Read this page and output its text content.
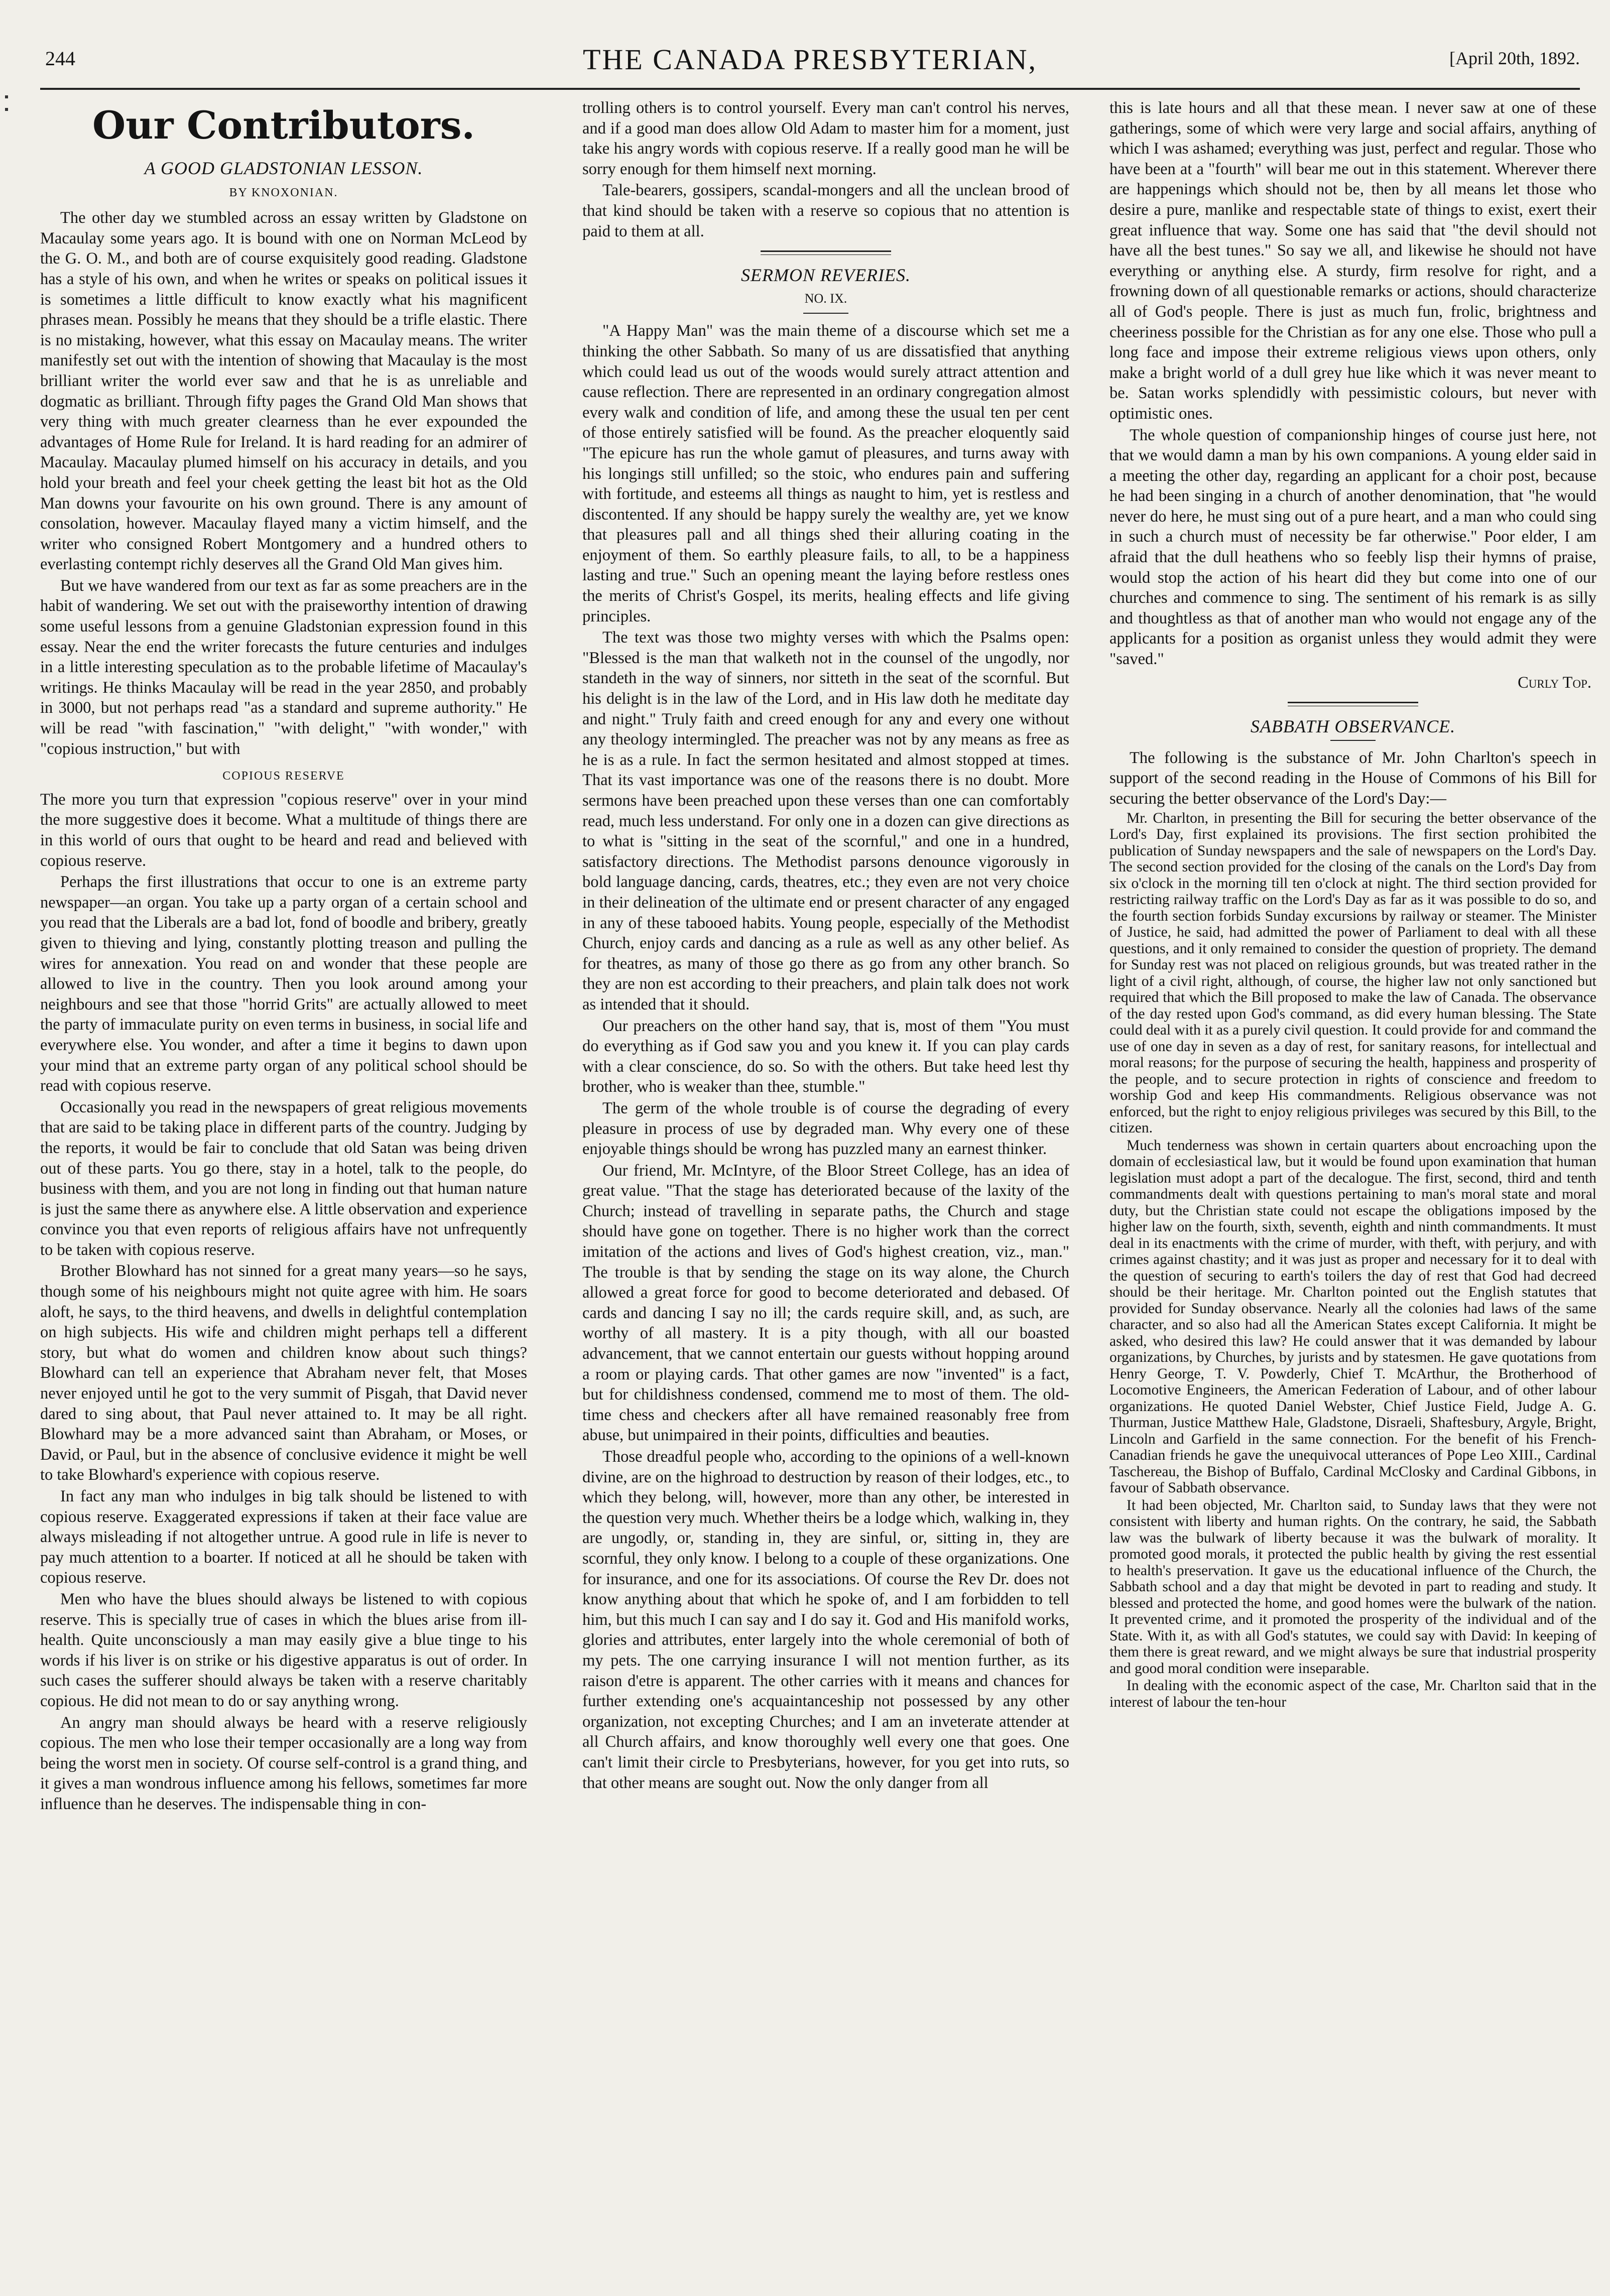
244	THE CANADA PRESBYTERIAN,	[April 20th, 1892.
Our Contributors.
A GOOD GLADSTONIAN LESSON.
BY KNOXONIAN.

The other day we stumbled across an essay written by Gladstone on Macaulay some years ago. It is bound with one on Norman McLeod by the G. O. M., and both are of course exquisitely good reading. Gladstone has a style of his own, and when he writes or speaks on political issues it is sometimes a little difficult to know exactly what his magnificent phrases mean. Possibly he means that they should be a trifle elastic. There is no mistaking, however, what this essay on Macaulay means. The writer manifestly set out with the intention of showing that Macaulay is the most brilliant writer the world ever saw and that he is as unreliable and dogmatic as brilliant. Through fifty pages the Grand Old Man shows that very thing with much greater clearness than he ever expounded the advantages of Home Rule for Ireland. It is hard reading for an admirer of Macaulay. Macaulay plumed himself on his accuracy in details, and you hold your breath and feel your cheek getting the least bit hot as the Old Man downs your favourite on his own ground. There is any amount of consolation, however. Macaulay flayed many a victim himself, and the writer who consigned Robert Montgomery and a hundred others to everlasting contempt richly deserves all the Grand Old Man gives him.

But we have wandered from our text as far as some preachers are in the habit of wandering. We set out with the praiseworthy intention of drawing some useful lessons from a genuine Gladstonian expression found in this essay. Near the end the writer forecasts the future centuries and indulges in a little interesting speculation as to the probable lifetime of Macaulay's writings. He thinks Macaulay will be read in the year 2850, and probably in 3000, but not perhaps read "as a standard and supreme authority." He will be read "with fascination," "with delight," "with wonder," with "copious instruction," but with

COPIOUS RESERVE

The more you turn that expression "copious reserve" over in your mind the more suggestive does it become. What a multitude of things there are in this world of ours that ought to be heard and read and believed with copious reserve.

Perhaps the first illustrations that occur to one is an extreme party newspaper—an organ. You take up a party organ of a certain school and you read that the Liberals are a bad lot, fond of boodle and bribery, greatly given to thieving and lying, constantly plotting treason and pulling the wires for annexation. You read on and wonder that these people are allowed to live in the country. Then you look around among your neighbours and see that those "horrid Grits" are actually allowed to meet the party of immaculate purity on even terms in business, in social life and everywhere else. You wonder, and after a time it begins to dawn upon your mind that an extreme party organ of any political school should be read with copious reserve.

Occasionally you read in the newspapers of great religious movements that are said to be taking place in different parts of the country. Judging by the reports, it would be fair to conclude that old Satan was being driven out of these parts. You go there, stay in a hotel, talk to the people, do business with them, and you are not long in finding out that human nature is just the same there as anywhere else. A little observation and experience convince you that even reports of religious affairs have not unfrequently to be taken with copious reserve.

Brother Blowhard has not sinned for a great many years—so he says, though some of his neighbours might not quite agree with him. He soars aloft, he says, to the third heavens, and dwells in delightful contemplation on high subjects. His wife and children might perhaps tell a different story, but what do women and children know about such things? Blowhard can tell an experience that Abraham never felt, that Moses never enjoyed until he got to the very summit of Pisgah, that David never dared to sing about, that Paul never attained to. It may be all right. Blowhard may be a more advanced saint than Abraham, or Moses, or David, or Paul, but in the absence of conclusive evidence it might be well to take Blowhard's experience with copious reserve.

In fact any man who indulges in big talk should be listened to with copious reserve. Exaggerated expressions if taken at their face value are always misleading if not altogether untrue. A good rule in life is never to pay much attention to a boarter. If noticed at all he should be taken with copious reserve.

Men who have the blues should always be listened to with copious reserve. This is specially true of cases in which the blues arise from ill-health. Quite unconsciously a man may easily give a blue tinge to his words if his liver is on strike or his digestive apparatus is out of order. In such cases the sufferer should always be taken with a reserve charitably copious. He did not mean to do or say anything wrong.

An angry man should always be heard with a reserve religiously copious. The men who lose their temper occasionally are a long way from being the worst men in society. Of course self-control is a grand thing, and it gives a man wondrous influence among his fellows, sometimes far more influence than he deserves. The indispensable thing in con-

trolling others is to control yourself. Every man can't control his nerves, and if a good man does allow Old Adam to master him for a moment, just take his angry words with copious reserve. If a really good man he will be sorry enough for them himself next morning.

Tale-bearers, gossipers, scandal-mongers and all the unclean brood of that kind should be taken with a reserve so copious that no attention is paid to them at all.

SERMON REVERIES.
NO. IX.

"A Happy Man" was the main theme of a discourse which set me a thinking the other Sabbath. So many of us are dissatisfied that anything which could lead us out of the woods would surely attract attention and cause reflection. There are represented in an ordinary congregation almost every walk and condition of life, and among these the usual ten per cent of those entirely satisfied will be found. As the preacher eloquently said "The epicure has run the whole gamut of pleasures, and turns away with his longings still unfilled; so the stoic, who endures pain and suffering with fortitude, and esteems all things as naught to him, yet is restless and discontented. If any should be happy surely the wealthy are, yet we know that pleasures pall and all things shed their alluring coating in the enjoyment of them. So earthly pleasure fails, to all, to be a happiness lasting and true." Such an opening meant the laying before restless ones the merits of Christ's Gospel, its merits, healing effects and life giving principles.

The text was those two mighty verses with which the Psalms open: "Blessed is the man that walketh not in the counsel of the ungodly, nor standeth in the way of sinners, nor sitteth in the seat of the scornful. But his delight is in the law of the Lord, and in His law doth he meditate day and night." Truly faith and creed enough for any and every one without any theology intermingled. The preacher was not by any means as free as he is as a rule. In fact the sermon hesitated and almost stopped at times. That its vast importance was one of the reasons there is no doubt. More sermons have been preached upon these verses than one can comfortably read, much less understand. For only one in a dozen can give directions as to what is "sitting in the seat of the scornful," and one in a hundred, satisfactory directions. The Methodist parsons denounce vigorously in bold language dancing, cards, theatres, etc.; they even are not very choice in their delineation of the ultimate end or present character of any engaged in any of these tabooed habits. Young people, especially of the Methodist Church, enjoy cards and dancing as a rule as well as any other belief. As for theatres, as many of those go there as go from any other branch. So they are non est according to their preachers, and plain talk does not work as intended that it should.

Our preachers on the other hand say, that is, most of them "You must do everything as if God saw you and you knew it. If you can play cards with a clear conscience, do so. So with the others. But take heed lest thy brother, who is weaker than thee, stumble."

The germ of the whole trouble is of course the degrading of every pleasure in process of use by degraded man. Why every one of these enjoyable things should be wrong has puzzled many an earnest thinker.

Our friend, Mr. McIntyre, of the Bloor Street College, has an idea of great value. "That the stage has deteriorated because of the laxity of the Church; instead of travelling in separate paths, the Church and stage should have gone on together. There is no higher work than the correct imitation of the actions and lives of God's highest creation, viz., man." The trouble is that by sending the stage on its way alone, the Church allowed a great force for good to become deteriorated and debased. Of cards and dancing I say no ill; the cards require skill, and, as such, are worthy of all mastery. It is a pity though, with all our boasted advancement, that we cannot entertain our guests without hopping around a room or playing cards. That other games are now "invented" is a fact, but for childishness condensed, commend me to most of them. The old-time chess and checkers after all have remained reasonably free from abuse, but unimpaired in their points, difficulties and beauties.

Those dreadful people who, according to the opinions of a well-known divine, are on the highroad to destruction by reason of their lodges, etc., to which they belong, will, however, more than any other, be interested in the question very much. Whether theirs be a lodge which, walking in, they are ungodly, or, standing in, they are sinful, or, sitting in, they are scornful, they only know. I belong to a couple of these organizations. One for insurance, and one for its associations. Of course the Rev Dr. does not know anything about that which he spoke of, and I am forbidden to tell him, but this much I can say and I do say it. God and His manifold works, glories and attributes, enter largely into the whole ceremonial of both of my pets. The one carrying insurance I will not mention further, as its raison d'etre is apparent. The other carries with it means and chances for further extending one's acquaintanceship not possessed by any other organization, not excepting Churches; and I am an inveterate attender at all Church affairs, and know thoroughly well every one that goes. One can't limit their circle to Presbyterians, however, for you get into ruts, so that other means are sought out. Now the only danger from all

this is late hours and all that these mean. I never saw at one of these gatherings, some of which were very large and social affairs, anything of which I was ashamed; everything was just, perfect and regular. Those who have been at a "fourth" will bear me out in this statement. Wherever there are happenings which should not be, then by all means let those who desire a pure, manlike and respectable state of things to exist, exert their great influence that way. Some one has said that "the devil should not have all the best tunes." So say we all, and likewise he should not have everything or anything else. A sturdy, firm resolve for right, and a frowning down of all questionable remarks or actions, should characterize all of God's people. There is just as much fun, frolic, brightness and cheeriness possible for the Christian as for any one else. Those who pull a long face and impose their extreme religious views upon others, only make a bright world of a dull grey hue like which it was never meant to be. Satan works splendidly with pessimistic colours, but never with optimistic ones.

The whole question of companionship hinges of course just here, not that we would damn a man by his own companions. A young elder said in a meeting the other day, regarding an applicant for a choir post, because he had been singing in a church of another denomination, that "he would never do here, he must sing out of a pure heart, and a man who could sing in such a church must of necessity be far otherwise." Poor elder, I am afraid that the dull heathens who so feebly lisp their hymns of praise, would stop the action of his heart did they but come into one of our churches and commence to sing. The sentiment of his remark is as silly and thoughtless as that of another man who would not engage any of the applicants for a position as organist unless they would admit they were "saved."

Curly Top.
SABBATH OBSERVANCE.

The following is the substance of Mr. John Charlton's speech in support of the second reading in the House of Commons of his Bill for securing the better observance of the Lord's Day:—

Mr. Charlton, in presenting the Bill for securing the better observance of the Lord's Day, first explained its provisions. The first section prohibited the publication of Sunday newspapers and the sale of newspapers on the Lord's Day. The second section provided for the closing of the canals on the Lord's Day from six o'clock in the morning till ten o'clock at night. The third section provided for restricting railway traffic on the Lord's Day as far as it was possible to do so, and the fourth section forbids Sunday excursions by railway or steamer. The Minister of Justice, he said, had admitted the power of Parliament to deal with all these questions, and it only remained to consider the question of propriety. The demand for Sunday rest was not placed on religious grounds, but was treated rather in the light of a civil right, although, of course, the higher law not only sanctioned but required that which the Bill proposed to make the law of Canada. The observance of the day rested upon God's command, as did every human blessing. The State could deal with it as a purely civil question. It could provide for and command the use of one day in seven as a day of rest, for sanitary reasons, for intellectual and moral reasons; for the purpose of securing the health, happiness and prosperity of the people, and to secure protection in rights of conscience and freedom to worship God and keep His commandments. Religious observance was not enforced, but the right to enjoy religious privileges was secured by this Bill, to the citizen.

Much tenderness was shown in certain quarters about encroaching upon the domain of ecclesiastical law, but it would be found upon examination that human legislation must adopt a part of the decalogue. The first, second, third and tenth commandments dealt with questions pertaining to man's moral state and moral duty, but the Christian state could not escape the obligations imposed by the higher law on the fourth, sixth, seventh, eighth and ninth commandments. It must deal in its enactments with the crime of murder, with theft, with perjury, and with crimes against chastity; and it was just as proper and necessary for it to deal with the question of securing to earth's toilers the day of rest that God had decreed should be their heritage. Mr. Charlton pointed out the English statutes that provided for Sunday observance. Nearly all the colonies had laws of the same character, and so also had all the American States except California. It might be asked, who desired this law? He could answer that it was demanded by labour organizations, by Churches, by jurists and by statesmen. He gave quotations from Henry George, T. V. Powderly, Chief T. McArthur, the Brotherhood of Locomotive Engineers, the American Federation of Labour, and of other labour organizations. He quoted Daniel Webster, Chief Justice Field, Judge A. G. Thurman, Justice Matthew Hale, Gladstone, Disraeli, Shaftesbury, Argyle, Bright, Lincoln and Garfield in the same connection. For the benefit of his French-Canadian friends he gave the unequivocal utterances of Pope Leo XIII., Cardinal Taschereau, the Bishop of Buffalo, Cardinal McClosky and Cardinal Gibbons, in favour of Sabbath observance.

It had been objected, Mr. Charlton said, to Sunday laws that they were not consistent with liberty and human rights. On the contrary, he said, the Sabbath law was the bulwark of liberty because it was the bulwark of morality. It promoted good morals, it protected the public health by giving the rest essential to health's preservation. It gave us the educational influence of the Church, the Sabbath school and a day that might be devoted in part to reading and study. It blessed and protected the home, and good homes were the bulwark of the nation. It prevented crime, and it promoted the prosperity of the individual and of the State. With it, as with all God's statutes, we could say with David: In keeping of them there is great reward, and we might always be sure that industrial prosperity and good moral condition were inseparable.

In dealing with the economic aspect of the case, Mr. Charlton said that in the interest of labour the ten-hour
